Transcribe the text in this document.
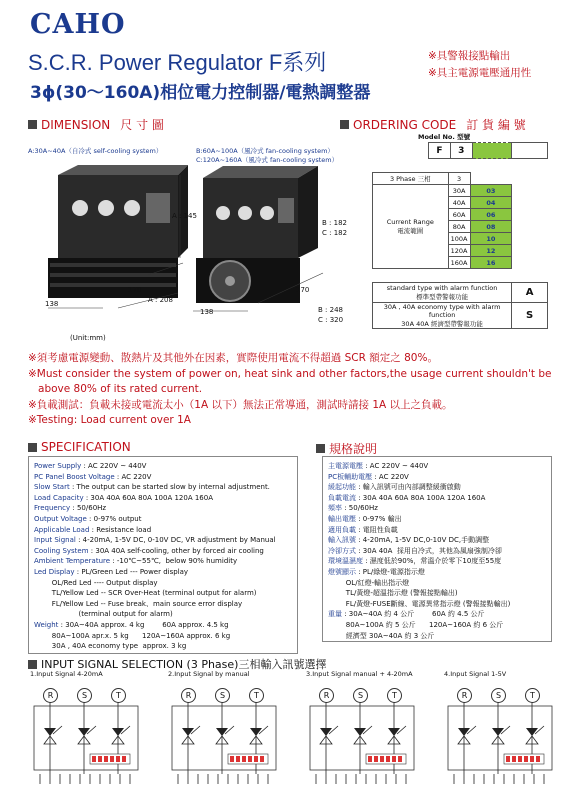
CAHO
S.C.R. Power Regulator F系列
3ϕ(30～160A)相位電力控制器/電熱調整器
※具警報接點輸出
※具主電源電壓通用性
DIMENSION 尺 寸 圖
A:30A~40A（自冷式 self-cooling system）	B:60A~100A（風冷式 fan-cooling system）
C:120A~160A（風冷式 fan-cooling system）
A : 145
170
138	A : 208
B : 182
C : 182
170
138	B : 248
C : 320
(Unit:mm)
ORDERING CODE 訂 貨 編 號
Model No. 型號
F	3		
3 Phase 三相	3		

Current Range
電流範圍	30A	03	
	40A	04	
	60A	06	
	80A	08	
	100A	10	
	120A	12	
	160A	16	
standard type with alarm function
標準型帶警報功能	A

30A , 40A economy type with alarm function
30A 40A 經濟型帶警報功能	S
※須考慮電源變動、散熱片及其他外在因素，實際使用電流不得超過 SCR 額定之 80%。
※Must consider the system of power on, heat sink and other factors,the usage current shouldn't be
above 80% of its rated current.
※負載測試：負載未接或電流太小（1A 以下）無法正常導通，測試時請接 1A 以上之負載。
※Testing: Load current over 1A
SPECIFICATION
Power Supply : AC 220V ~ 440V
PC Panel Boost Voltage : AC 220V
Slow Start : The output can be started slow by internal adjustment.
Load Capacity : 30A 40A 60A 80A 100A 120A 160A
Frequency : 50/60Hz
Output Voltage : 0-97% output
Applicable Load : Resistance load
Input Signal : 4-20mA, 1-5V DC, 0-10V DC, VR adjustment by Manual
Cooling System : 30A 40A self-cooling, other by forced air cooling
Ambient Temperature : -10℃~55℃,  below 90% humidity
Led Display : PL/Green Led --- Power display
OL/Red Led ---- Output display
TL/Yellow Led -- SCR Over-Heat (terminal output for alarm)
FL/Yellow Led -- Fuse break、main source error display
(terminal output for alarm)
Weight : 30A~40A approx. 4 kg        60A approx. 4.5 kg
80A~100A apr.x. 5 kg      120A~160A approx. 6 kg
30A , 40A economy type  approx. 3 kg
規格說明
主電源電壓 : AC 220V ~ 440V
PC板輔助電壓 : AC 220V
緩起功能 : 輸入訊號可由內部調整緩衝啟動
負載電流 : 30A 40A 60A 80A 100A 120A 160A
頻率 : 50/60Hz
輸出電壓 : 0-97% 輸出
適用負載 : 電阻性負載
輸入訊號 : 4-20mA, 1-5V DC,0-10V DC,手動調整
冷卻方式 : 30A 40A  採用自冷式，其他為風扇強制冷卻
環境溫濕度 : 濕度低於90%，常溫介於零下10度至55度
燈號顯示 : PL/綠燈-電源指示燈
OL/紅燈-輸出指示燈
TL/黃燈-超溫指示燈 (警報接點輸出)
FL/黃燈-FUSE斷線、電源異常指示燈 (警報接點輸出)
重量 : 30A~40A 約 4 公斤        60A 約 4.5 公斤
80A~100A 約 5 公斤      120A~160A 約 6 公斤
經濟型 30A~40A 約 3 公斤
INPUT SIGNAL SELECTION (3 Phase)三相輸入訊號選擇
1.Input Signal 4-20mA
R	S	T
2.Input Signal by manual
R	S	T
3.Input Signal manual + 4-20mA
R	S	T
4.Input Signal 1-5V
R	S	T
